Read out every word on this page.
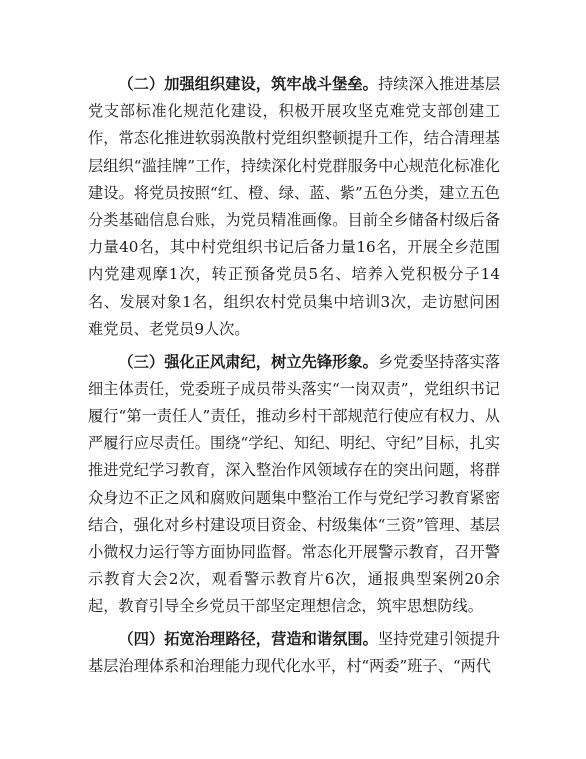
（二）加强组织建设，筑牢战斗堡垒。持续深入推进基层党支部标准化规范化建设，积极开展攻坚克难党支部创建工作，常态化推进软弱涣散村党组织整顿提升工作，结合清理基层组织“滥挂牌”工作，持续深化村党群服务中心规范化标准化建设。将党员按照“红、橙、绿、蓝、紫”五色分类，建立五色分类基础信息台账，为党员精准画像。目前全乡储备村级后备力量40名，其中村党组织书记后备力量16名，开展全乡范围内党建观摩1次，转正预备党员5名、培养入党积极分子14名、发展对象1名，组织农村党员集中培训3次，走访慰问困难党员、老党员9人次。

（三）强化正风肃纪，树立先锋形象。乡党委坚持落实落细主体责任，党委班子成员带头落实“一岗双责”，党组织书记履行“第一责任人”责任，推动乡村干部规范行使应有权力、从严履行应尽责任。围绕“学纪、知纪、明纪、守纪”目标，扎实推进党纪学习教育，深入整治作风领域存在的突出问题，将群众身边不正之风和腐败问题集中整治工作与党纪学习教育紧密结合，强化对乡村建设项目资金、村级集体“三资”管理、基层小微权力运行等方面协同监督。常态化开展警示教育，召开警示教育大会2次，观看警示教育片6次，通报典型案例20余起，教育引导全乡党员干部坚定理想信念，筑牢思想防线。

（四）拓宽治理路径，营造和谐氛围。坚持党建引领提升基层治理体系和治理能力现代化水平，村“两委”班子、“两代
